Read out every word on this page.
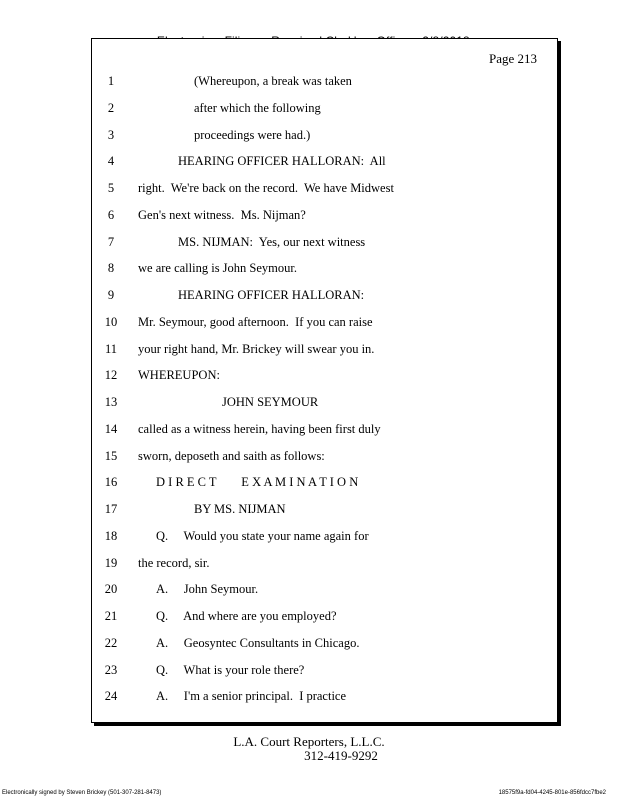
Page 213
1	(Whereupon, a break was taken
2	after which the following
3	proceedings were had.)
4	HEARING OFFICER HALLORAN:  All
5	right.  We're back on the record.  We have Midwest
6	Gen's next witness.  Ms. Nijman?
7	MS. NIJMAN:  Yes, our next witness
8	we are calling is John Seymour.
9	HEARING OFFICER HALLORAN:
10	Mr. Seymour, good afternoon.  If you can raise
11	your right hand, Mr. Brickey will swear you in.
12	WHEREUPON:
13	JOHN SEYMOUR
14	called as a witness herein, having been first duly
15	sworn, deposeth and saith as follows:
16	D I R E C T        E X A M I N A T I O N
17	BY MS. NIJMAN
18	Q.     Would you state your name again for
19	the record, sir.
20	A.     John Seymour.
21	Q.     And where are you employed?
22	A.     Geosyntec Consultants in Chicago.
23	Q.     What is your role there?
24	A.     I'm a senior principal.  I practice
L.A. Court Reporters, L.L.C.
312-419-9292
Electronically signed by Steven Brickey (501-307-281-8473)	18575f9a-fd04-4245-801e-856fdcc7fbe2
